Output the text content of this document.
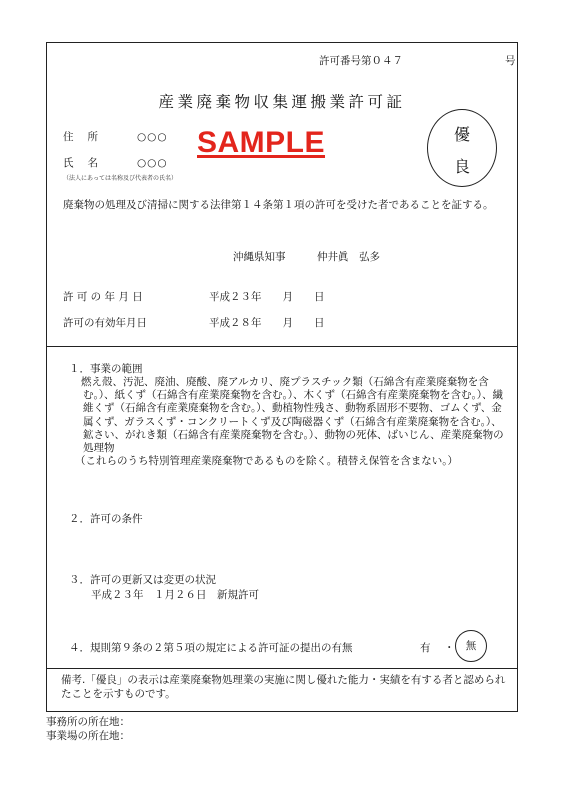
許可番号第０４７	号
産業廃棄物収集運搬業許可証
住所 ○○○
氏名 ○○○
（法人にあっては名称及び代表者の氏名）
SAMPLE	優
良
廃棄物の処理及び清掃に関する法律第１４条第１項の許可を受けた者であることを証する。
沖縄県知事	仲井眞　弘多
許 可 の 年 月 日	平成２３年　　月　　日
許可の有効年月日	平成２８年　　月　　日
１．事業の範囲
燃え殻、汚泥、廃油、廃酸、廃アルカリ、廃プラスチック類（石綿含有産業廃棄物を含む。）、紙くず（石綿含有産業廃棄物を含む。）、木くず（石綿含有産業廃棄物を含む。）、繊維くず（石綿含有産業廃棄物を含む。）、動植物性残さ、動物系固形不要物、ゴムくず、金属くず、ガラスくず・コンクリートくず及び陶磁器くず（石綿含有産業廃棄物を含む。）、鉱さい、がれき類（石綿含有産業廃棄物を含む。）、動物の死体、ばいじん、産業廃棄物の処理物
（これらのうち特別管理産業廃棄物であるものを除く。積替え保管を含まない。）
２．許可の条件
３．許可の更新又は変更の状況
平成２３年　１月２６日　新規許可
４．規則第９条の２第５項の規定による許可証の提出の有無	有 ・	無
備考.「優良」の表示は産業廃棄物処理業の実施に関し優れた能力・実績を有する者と認められたことを示すものです。
事務所の所在地：
事業場の所在地：
